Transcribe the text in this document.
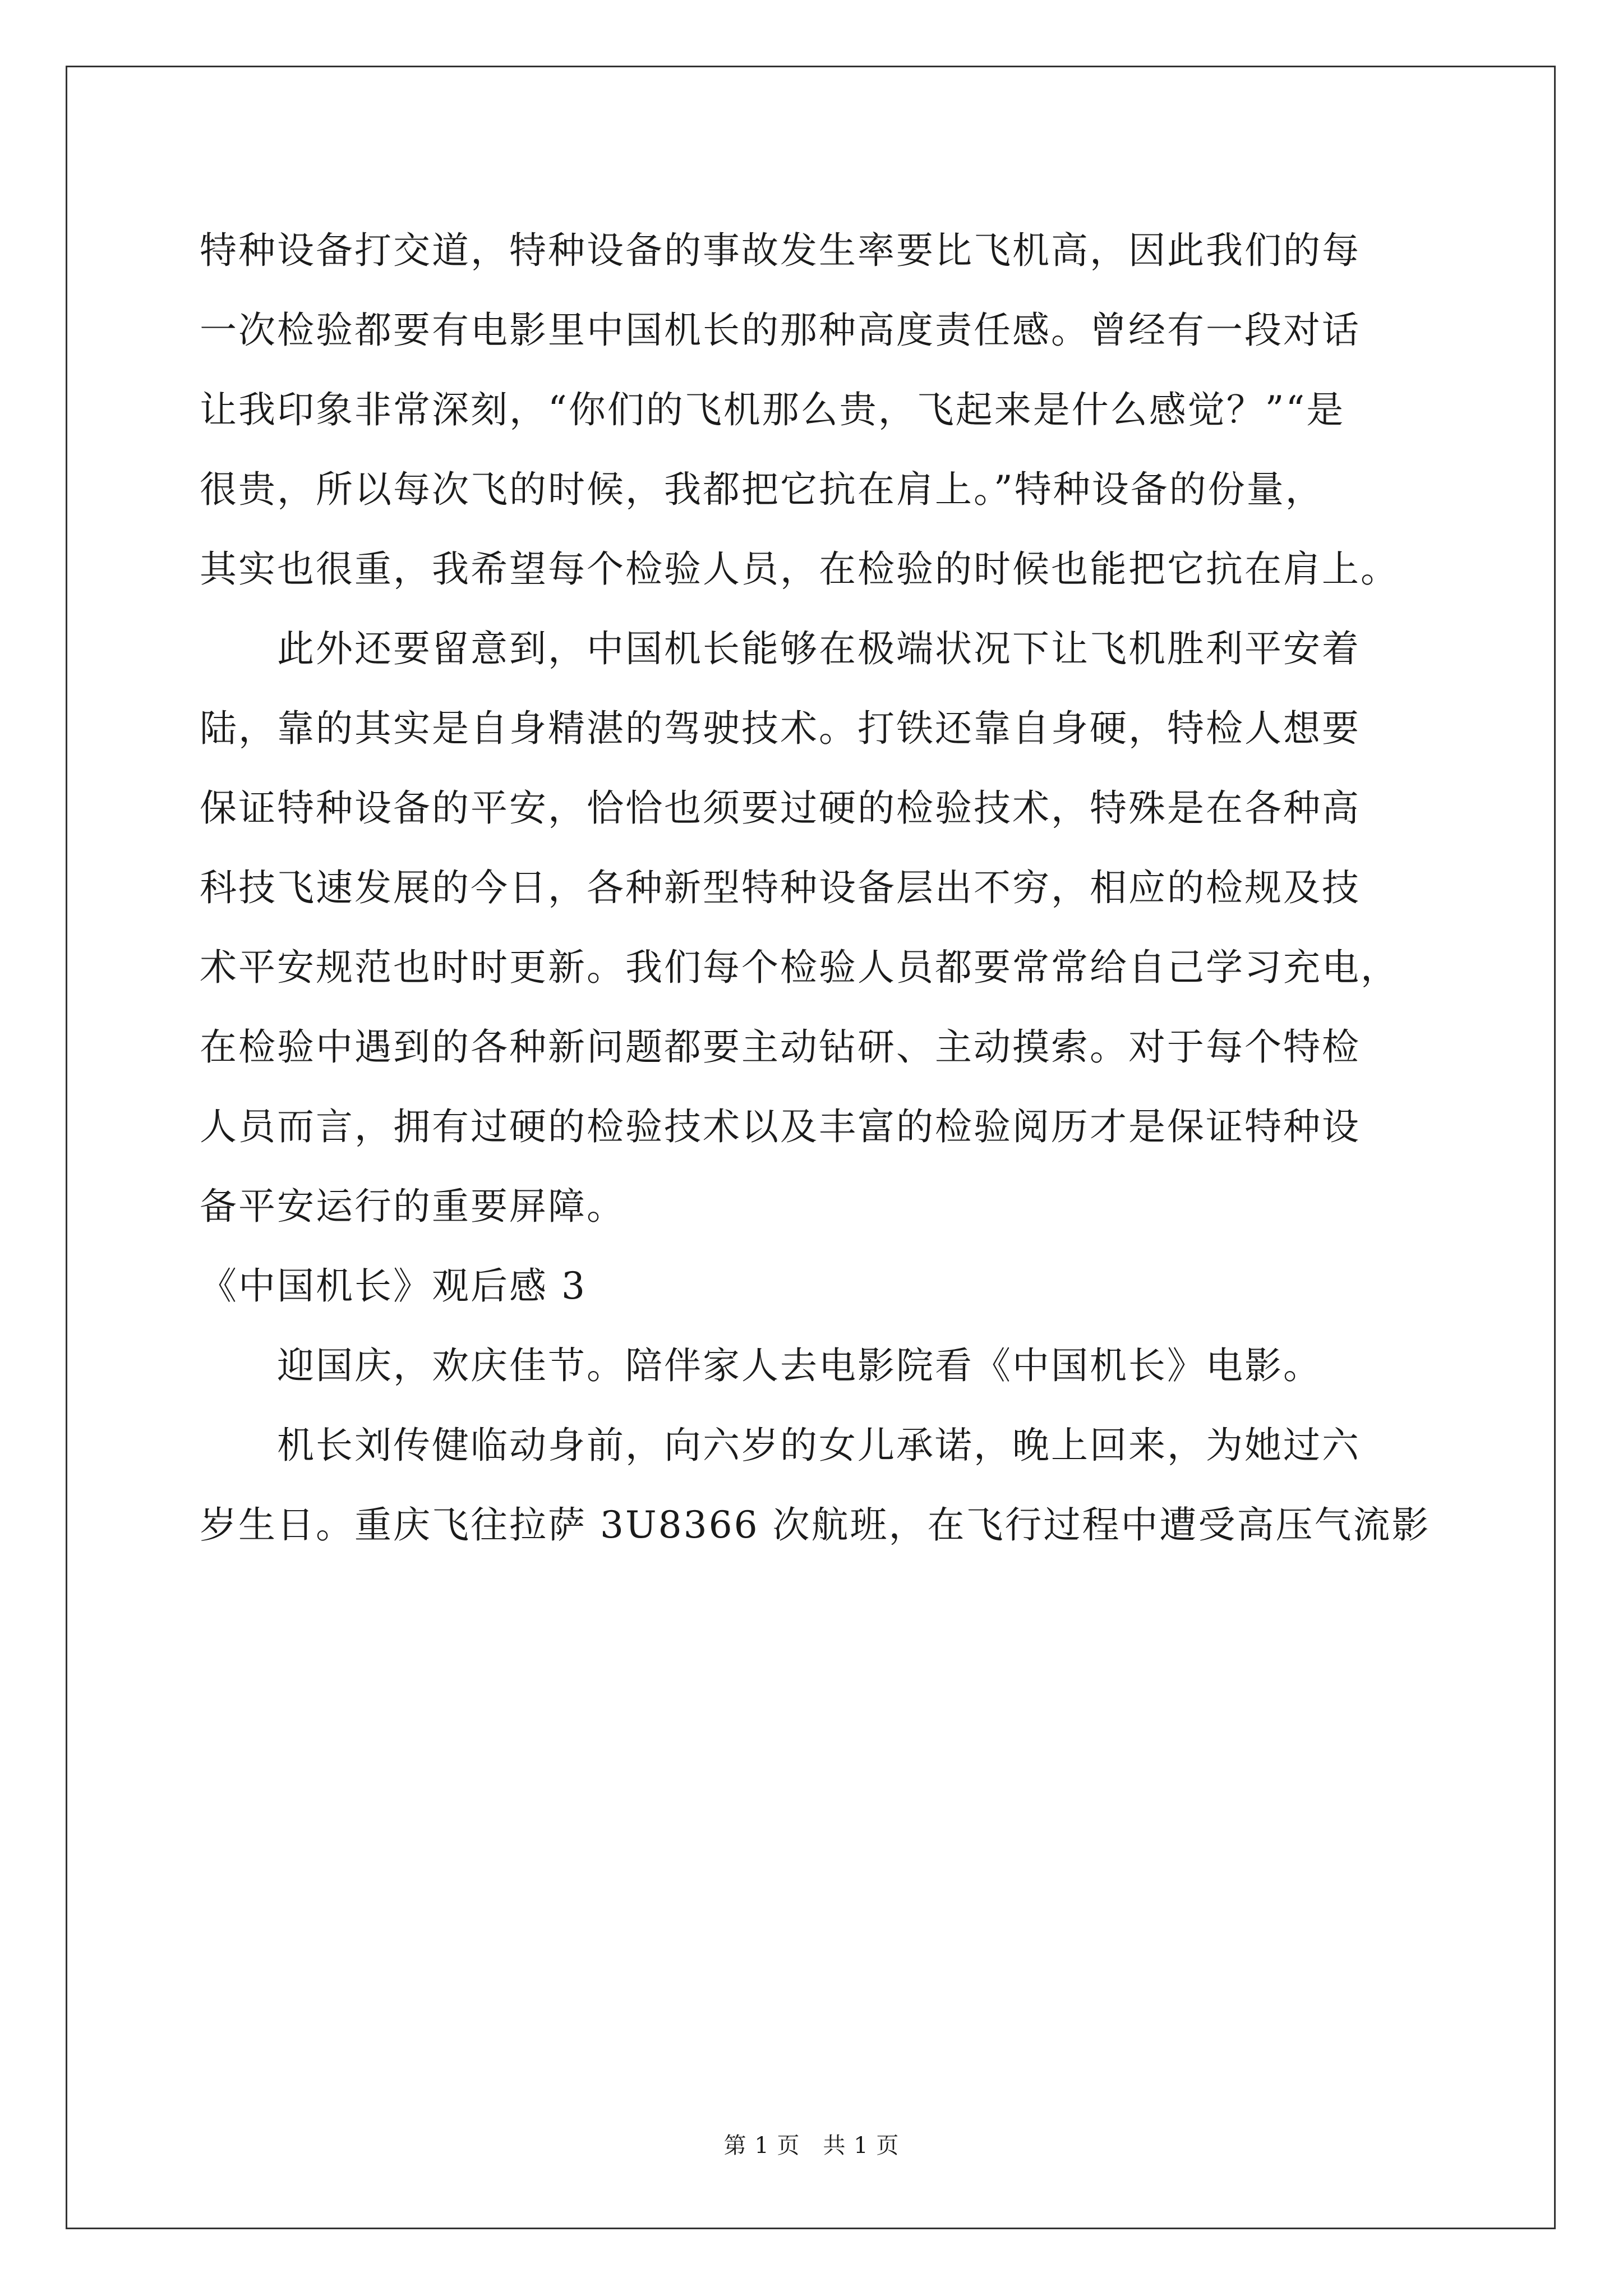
特种设备打交道，特种设备的事故发生率要比飞机高，因此我们的每
一次检验都要有电影里中国机长的那种高度责任感。曾经有一段对话
让我印象非常深刻，“你们的飞机那么贵，飞起来是什么感觉？”“是
很贵，所以每次飞的时候，我都把它抗在肩上。”特种设备的份量，
其实也很重，我希望每个检验人员，在检验的时候也能把它抗在肩上。
　　此外还要留意到，中国机长能够在极端状况下让飞机胜利平安着
陆，靠的其实是自身精湛的驾驶技术。打铁还靠自身硬，特检人想要
保证特种设备的平安，恰恰也须要过硬的检验技术，特殊是在各种高
科技飞速发展的今日，各种新型特种设备层出不穷，相应的检规及技
术平安规范也时时更新。我们每个检验人员都要常常给自己学习充电，
在检验中遇到的各种新问题都要主动钻研、主动摸索。对于每个特检
人员而言，拥有过硬的检验技术以及丰富的检验阅历才是保证特种设
备平安运行的重要屏障。
《中国机长》观后感 3
　　迎国庆，欢庆佳节。陪伴家人去电影院看《中国机长》电影。
　　机长刘传健临动身前，向六岁的女儿承诺，晚上回来，为她过六
岁生日。重庆飞往拉萨 3U8366 次航班，在飞行过程中遭受高压气流影
第 1 页　共 1 页
